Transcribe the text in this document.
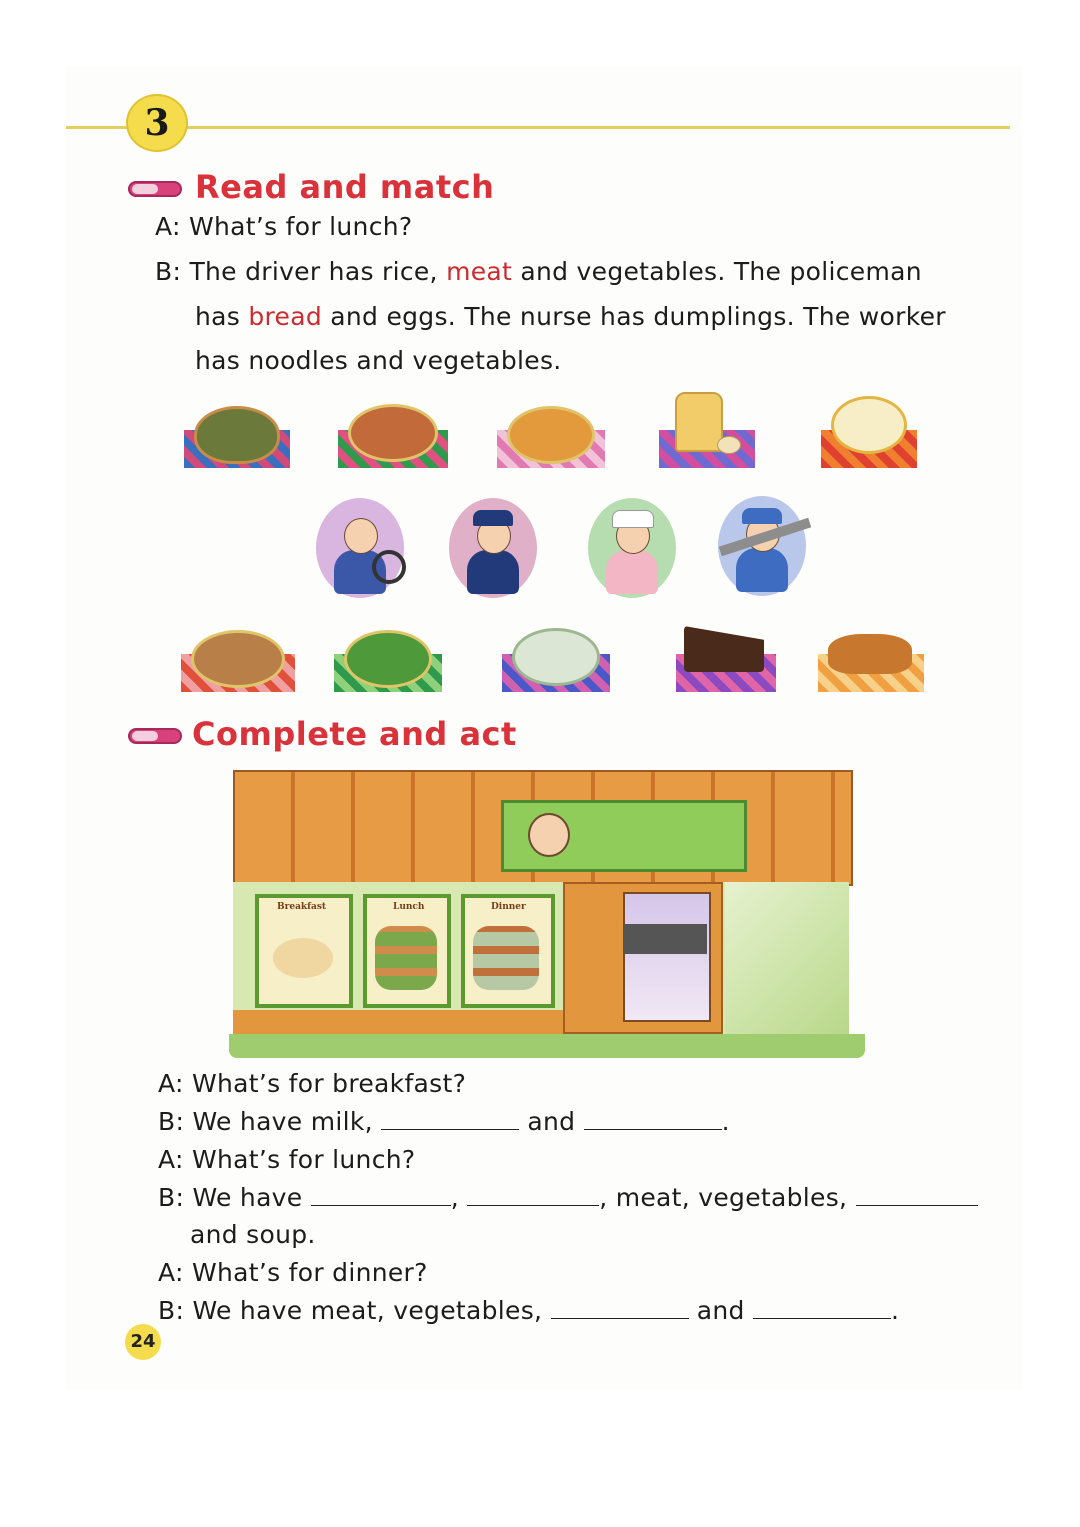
3
Read and match
A: What’s for lunch?
B: The driver has rice, meat and vegetables. The policeman
has bread and eggs. The nurse has dumplings. The worker
has noodles and vegetables.
Complete and act
Breakfast	Lunch	Dinner
A: What’s for breakfast?
B: We have milk,	and	.
A: What’s for lunch?
B: We have	,	, meat, vegetables,
and soup.
A: What’s for dinner?
B: We have meat, vegetables,	and	.
24
